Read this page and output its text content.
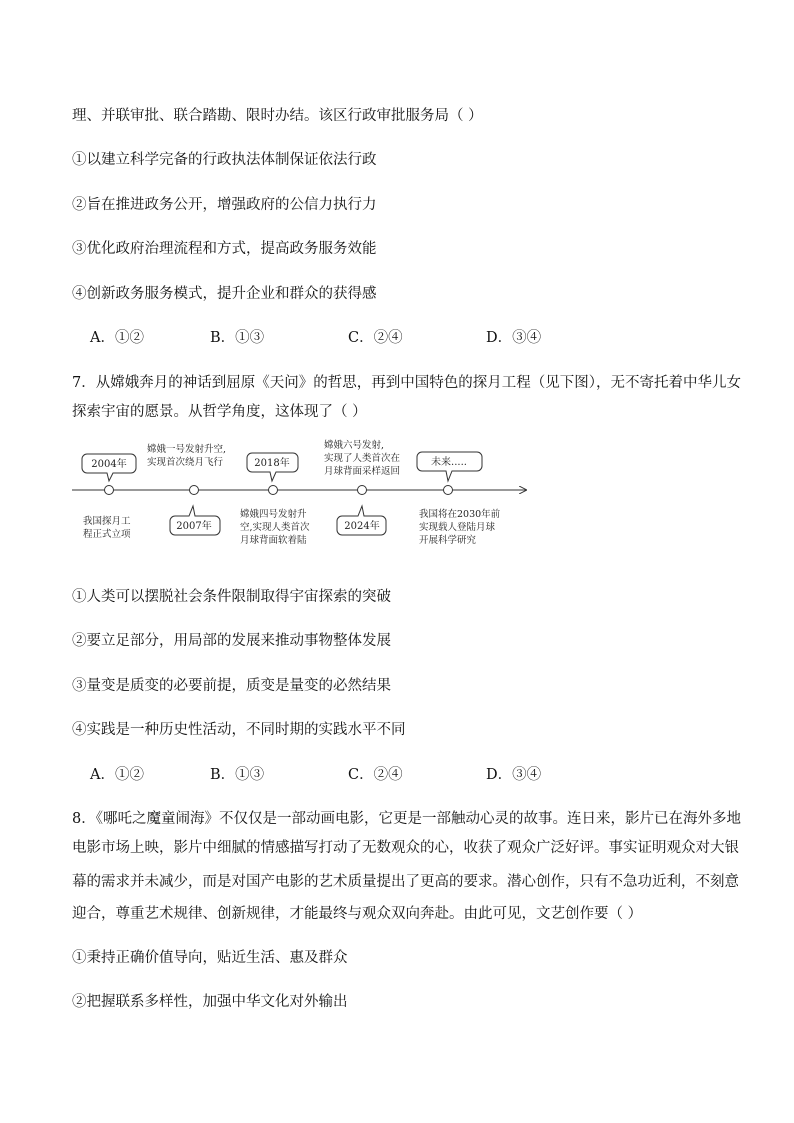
理、并联审批、联合踏勘、限时办结。该区行政审批服务局（ ）
①以建立科学完备的行政执法体制保证依法行政
②旨在推进政务公开，增强政府的公信力执行力
③优化政府治理流程和方式，提高政务服务效能
④创新政务服务模式，提升企业和群众的获得感
A．①②	B．①③	C．②④	D．③④
7．从嫦娥奔月的神话到屈原《天问》的哲思，再到中国特色的探月工程（见下图），无不寄托着中华儿女
探索宇宙的愿景。从哲学角度，这体现了（ ）
2004年
嫦娥一号发射升空,
实现首次绕月飞行	2018年
嫦娥六号发射,
实现了人类首次在
月球背面采样返回
未来.....
我国探月工
程正式立项
2007年
嫦娥四号发射升
空,实现人类首次
月球背面软着陆
2024年
我国将在2030年前
实现载人登陆月球
开展科学研究
①人类可以摆脱社会条件限制取得宇宙探索的突破
②要立足部分，用局部的发展来推动事物整体发展
③量变是质变的必要前提，质变是量变的必然结果
④实践是一种历史性活动，不同时期的实践水平不同
A．①②	B．①③	C．②④	D．③④
8．《哪吒之魔童闹海》不仅仅是一部动画电影，它更是一部触动心灵的故事。连日来，影片已在海外多地
电影市场上映，影片中细腻的情感描写打动了无数观众的心，收获了观众广泛好评。事实证明观众对大银
幕的需求并未减少，而是对国产电影的艺术质量提出了更高的要求。潜心创作，只有不急功近利，不刻意
迎合，尊重艺术规律、创新规律，才能最终与观众双向奔赴。由此可见，文艺创作要（ ）
①秉持正确价值导向，贴近生活、惠及群众
②把握联系多样性，加强中华文化对外输出
